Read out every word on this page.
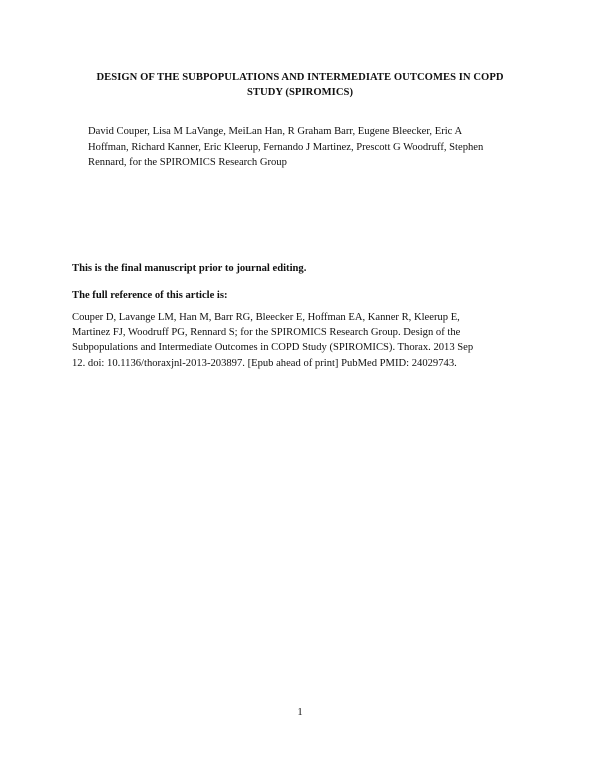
DESIGN OF THE SUBPOPULATIONS AND INTERMEDIATE OUTCOMES IN COPD
STUDY (SPIROMICS)
David Couper, Lisa M LaVange, MeiLan Han, R Graham Barr, Eugene Bleecker, Eric A
Hoffman, Richard Kanner, Eric Kleerup, Fernando J Martinez, Prescott G Woodruff, Stephen
Rennard, for the SPIROMICS Research Group
This is the final manuscript prior to journal editing.
The full reference of this article is:
Couper D, Lavange LM, Han M, Barr RG, Bleecker E, Hoffman EA, Kanner R, Kleerup E,
Martinez FJ, Woodruff PG, Rennard S; for the SPIROMICS Research Group. Design of the
Subpopulations and Intermediate Outcomes in COPD Study (SPIROMICS). Thorax. 2013 Sep
12. doi: 10.1136/thoraxjnl-2013-203897. [Epub ahead of print] PubMed PMID: 24029743.
1
